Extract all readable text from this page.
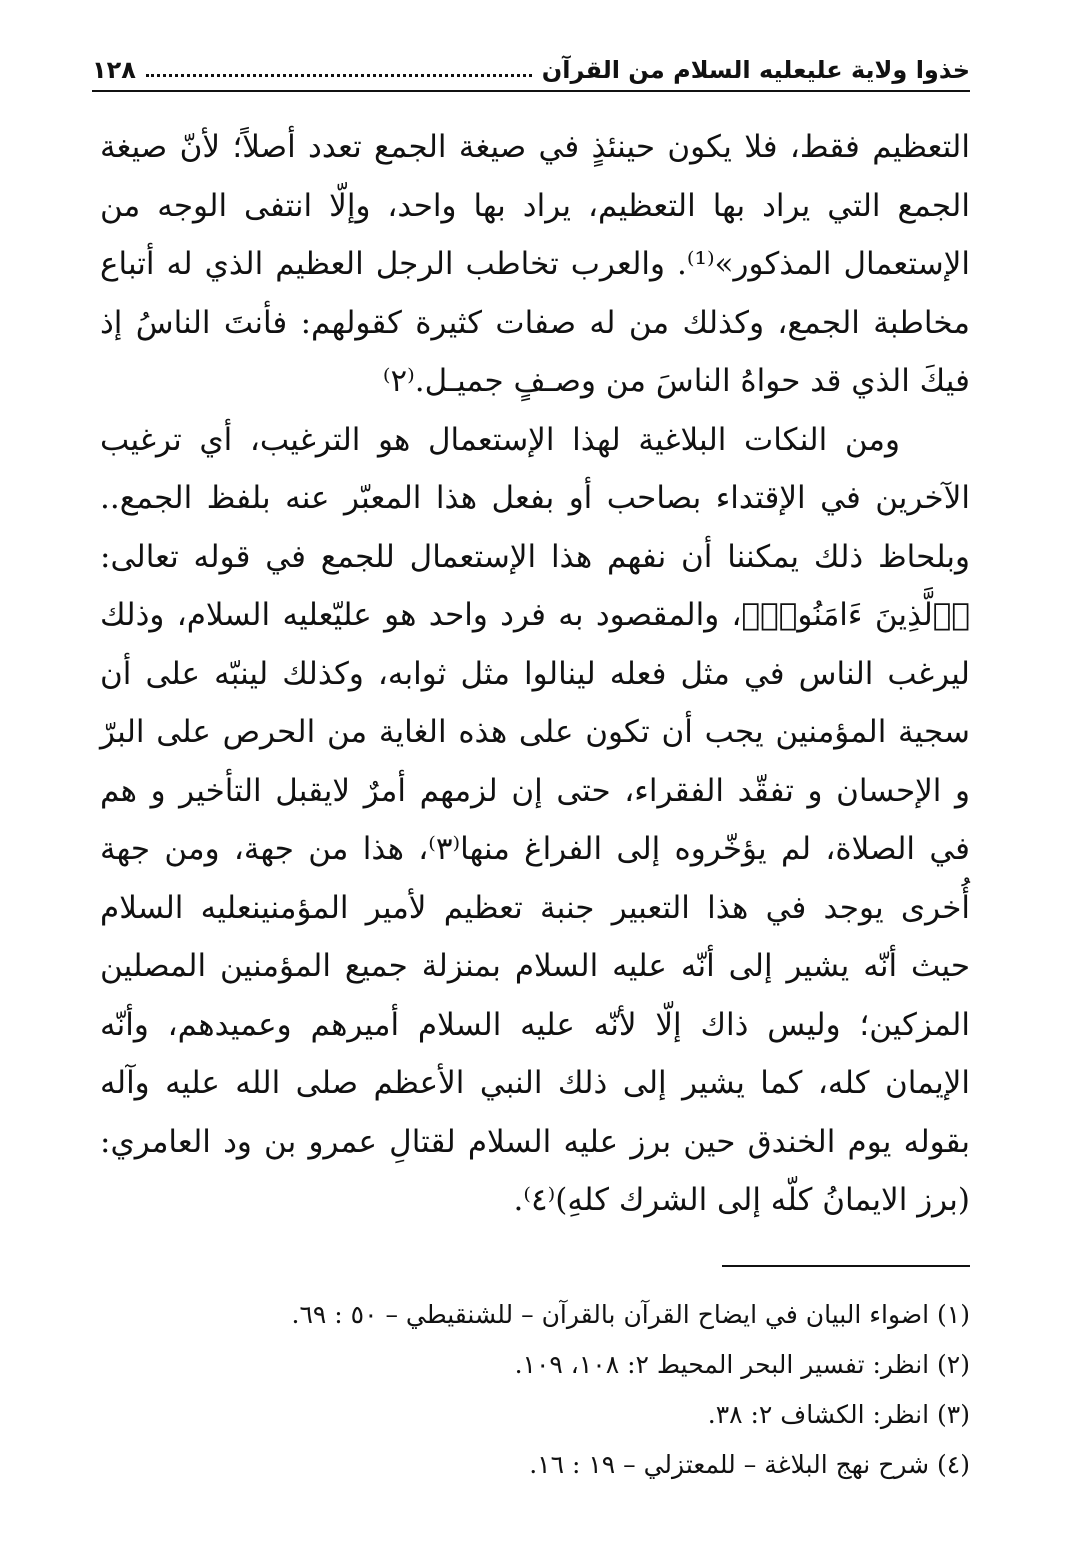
خذوا ولاية عليعليه السلام من القرآن
١٢٨

التعظيم فقط، فلا يكون حينئذٍ في صيغة الجمع تعدد أصلاً؛ لأنّ صيغة الجمع التي يراد بها التعظيم، يراد بها واحد، وإلّا انتفى الوجه من الإستعمال المذكور»⁽¹⁾. والعرب تخاطب الرجل العظيم الذي له أتباع مخاطبة الجمع، وكذلك من له صفات كثيرة كقولهم: فأنتَ الناسُ إذ فيكَ الذي قد حواهُ الناسَ من وصـفٍ جميـل.⁽٢⁾

ومن النكات البلاغية لهذا الإستعمال هو الترغيب، أي ترغيب الآخرين في الإقتداء بصاحب أو بفعل هذا المعبّر عنه بلفظ الجمع.. وبلحاظ ذلك يمكننا أن نفهم هذا الإستعمال للجمع في قوله تعالى: ﴿ٱلَّذِينَ ءَامَنُوا۟﴾، والمقصود به فرد واحد هو عليّعليه السلام، وذلك ليرغب الناس في مثل فعله لينالوا مثل ثوابه، وكذلك لينبّه على أن سجية المؤمنين يجب أن تكون على هذه الغاية من الحرص على البرّ و الإحسان و تفقّد الفقراء، حتى إن لزمهم أمرٌ لايقبل التأخير و هم في الصلاة، لم يؤخّروه إلى الفراغ منها⁽٣⁾، هذا من جهة، ومن جهة أُخرى يوجد في هذا التعبير جنبة تعظيم لأمير المؤمنينعليه السلام حيث أنّه يشير إلى أنّه عليه السلام بمنزلة جميع المؤمنين المصلين المزكين؛ وليس ذاك إلّا لأنّه عليه السلام أميرهم وعميدهم، وأنّه الإيمان كله، كما يشير إلى ذلك النبي الأعظم صلى الله عليه وآله بقوله يوم الخندق حين برز عليه السلام لقتالِ عمرو بن ود العامري: (برز الايمانُ كلّه إلى الشرك كلهِ)⁽٤⁾.

(١) اضواء البيان في ايضاح القرآن بالقرآن – للشنقيطي – ٥٠ : ٦٩.
(٢) انظر: تفسير البحر المحيط ٢: ١٠٨، ١٠٩.
(٣) انظر: الكشاف ٢: ٣٨.
(٤) شرح نهج البلاغة – للمعتزلي – ١٩ : ١٦.
